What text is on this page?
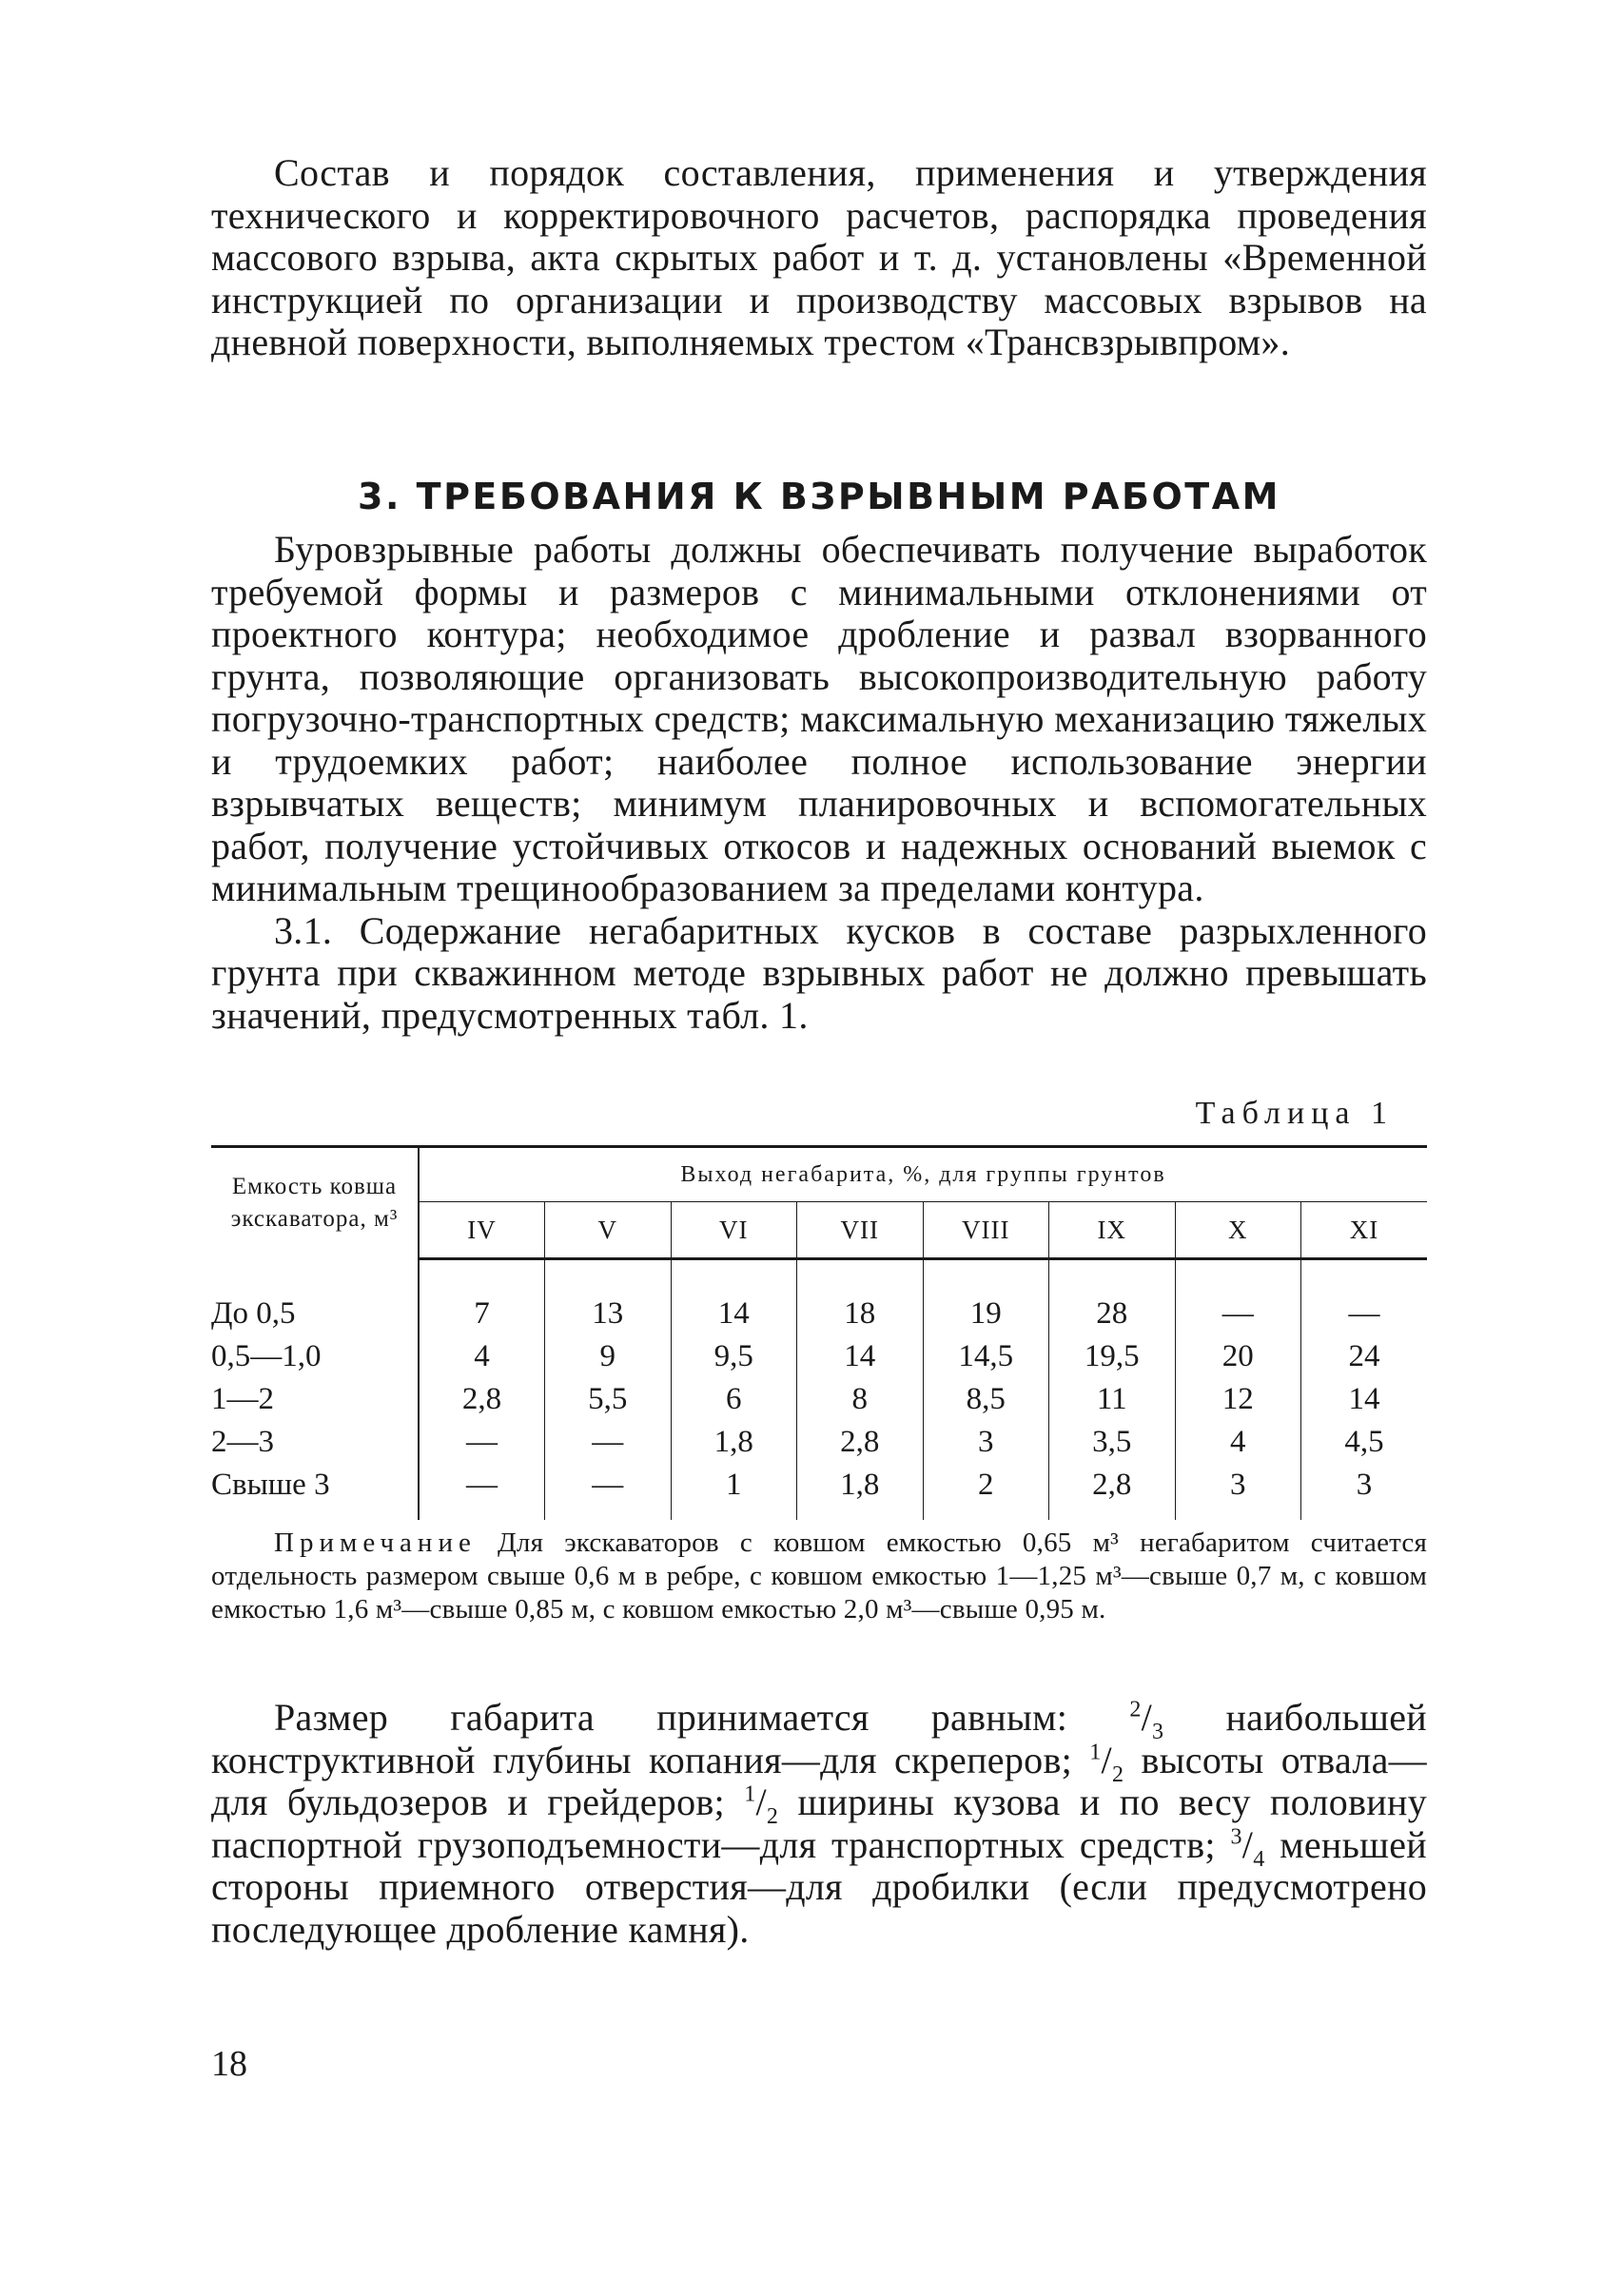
Состав и порядок составления, применения и утверждения технического и корректировочного расчетов, распорядка проведения массового взрыва, акта скрытых работ и т. д. установлены «Временной инструкцией по организации и производству массовых взрывов на дневной поверхности, выполняемых трестом «Трансвзрывпром».

3. ТРЕБОВАНИЯ К ВЗРЫВНЫМ РАБОТАМ

Буровзрывные работы должны обеспечивать получение выработок требуемой формы и размеров с минимальными отклонениями от проектного контура; необходимое дробление и развал взорванного грунта, позволяющие организовать высокопроизводительную работу погрузочно-транспортных средств; максимальную механизацию тяжелых и трудоемких работ; наиболее полное использование энергии взрывчатых веществ; минимум планировочных и вспомогательных работ, получение устойчивых откосов и надежных оснований выемок с минимальным трещинообразованием за пределами контура.

3.1. Содержание негабаритных кусков в составе разрыхленного грунта при скважинном методе взрывных работ не должно превышать значений, предусмотренных табл. 1.

Таблица 1
Емкость ковша
экскаватора, м³	Выход негабарита, %, для группы грунтов							
	IV	V	VI	VII	VIII	IX	X	XI

До 0,5	7	13	14	18	19	28	—	—
0,5—1,0	4	9	9,5	14	14,5	19,5	20	24
1—2	2,8	5,5	6	8	8,5	11	12	14
2—3	—	—	1,8	2,8	3	3,5	4	4,5
Свыше 3	—	—	1	1,8	2	2,8	3	3

Примечание Для экскаваторов с ковшом емкостью 0,65 м³ негабаритом считается отдельность размером свыше 0,6 м в ребре, с ковшом емкостью 1—1,25 м³—свыше 0,7 м, с ковшом емкостью 1,6 м³—свыше 0,85 м, с ковшом емкостью 2,0 м³—свыше 0,95 м.

Размер габарита принимается равным: $^2/_3$ наибольшей конструктивной глубины копания—для скреперов; $^1/_2$ высоты отвала—для бульдозеров и грейдеров; $^1/_2$ ширины кузова и по весу половину паспортной грузоподъемности—для транспортных средств; $^3/_4$ меньшей стороны приемного отверстия—для дробилки (если предусмотрено последующее дробление камня).

18
